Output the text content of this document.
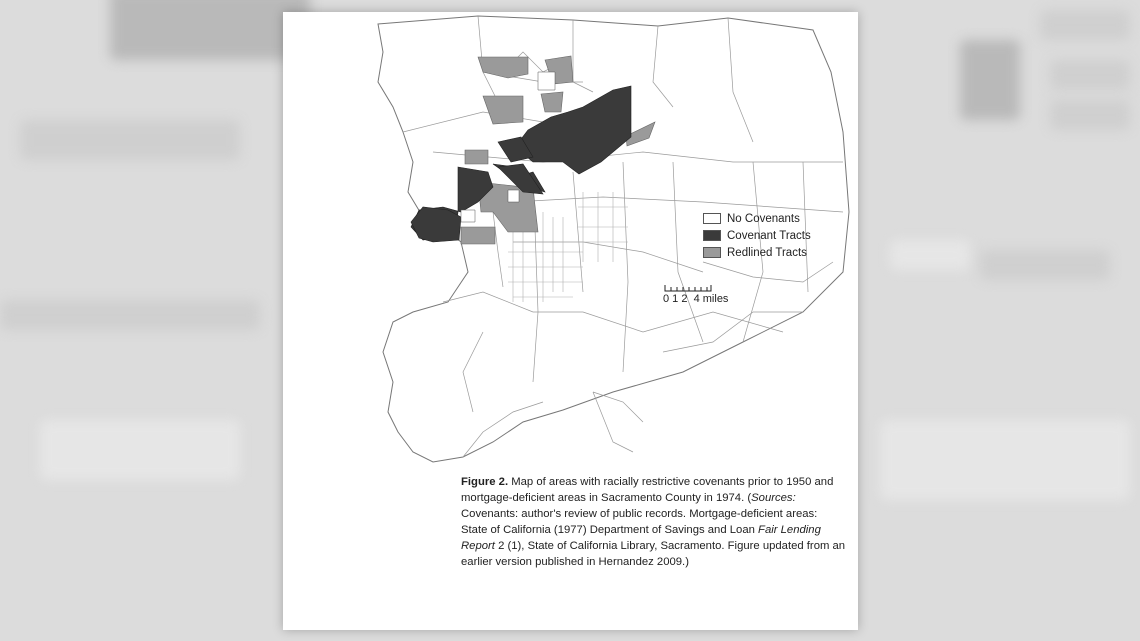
No Covenants
Covenant Tracts
Redlined Tracts
0 1 2 4 miles
Figure 2. Map of areas with racially restrictive covenants prior to 1950 and mortgage-deficient areas in Sacramento County in 1974. (Sources: Covenants: author's review of public records. Mortgage-deficient areas: State of California (1977) Department of Savings and Loan Fair Lending Report 2 (1), State of California Library, Sacramento. Figure updated from an earlier version published in Hernandez 2009.)
